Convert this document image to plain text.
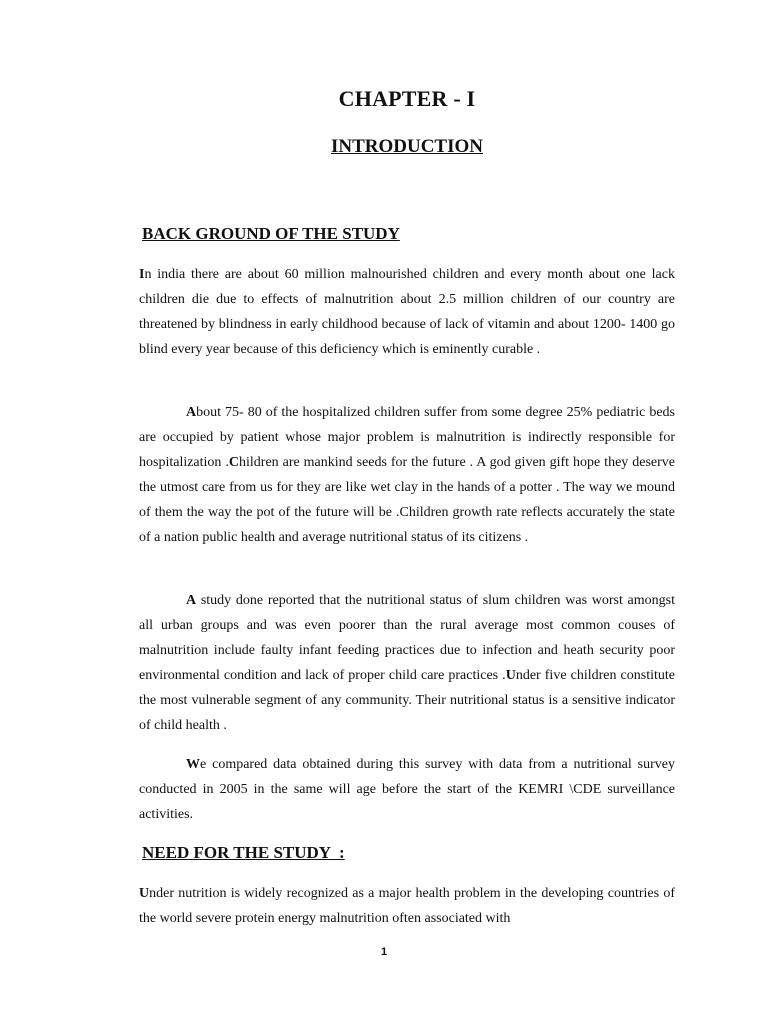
CHAPTER - I
INTRODUCTION
BACK GROUND OF THE STUDY

In india there are about 60 million malnourished children and every month about one lack children die due to effects of malnutrition about 2.5 million children of our country are threatened by blindness in early childhood because of lack of vitamin and about 1200- 1400 go blind every year because of this deficiency which is eminently curable .

About 75- 80 of the hospitalized children suffer from some degree 25% pediatric beds are occupied by patient whose major problem is malnutrition is indirectly responsible for hospitalization .Children are mankind seeds for the future . A god given gift hope they deserve the utmost care from us for they are like wet clay in the hands of a potter . The way we mound of them the way the pot of the future will be .Children growth rate reflects accurately the state of a nation public health and average nutritional status of its citizens .

A study done reported that the nutritional status of slum children was worst amongst all urban groups and was even poorer than the rural average most common couses of malnutrition include faulty infant feeding practices due to infection and heath security poor environmental condition and lack of proper child care practices .Under five children constitute the most vulnerable segment of any community. Their nutritional status is a sensitive indicator of child health .

We compared data obtained during this survey with data from a nutritional survey conducted in 2005 in the same will age before the start of the KEMRI \CDE surveillance activities.

NEED FOR THE STUDY  :

Under nutrition is widely recognized as a major health problem in the developing countries of the world severe protein energy malnutrition often associated with

1
